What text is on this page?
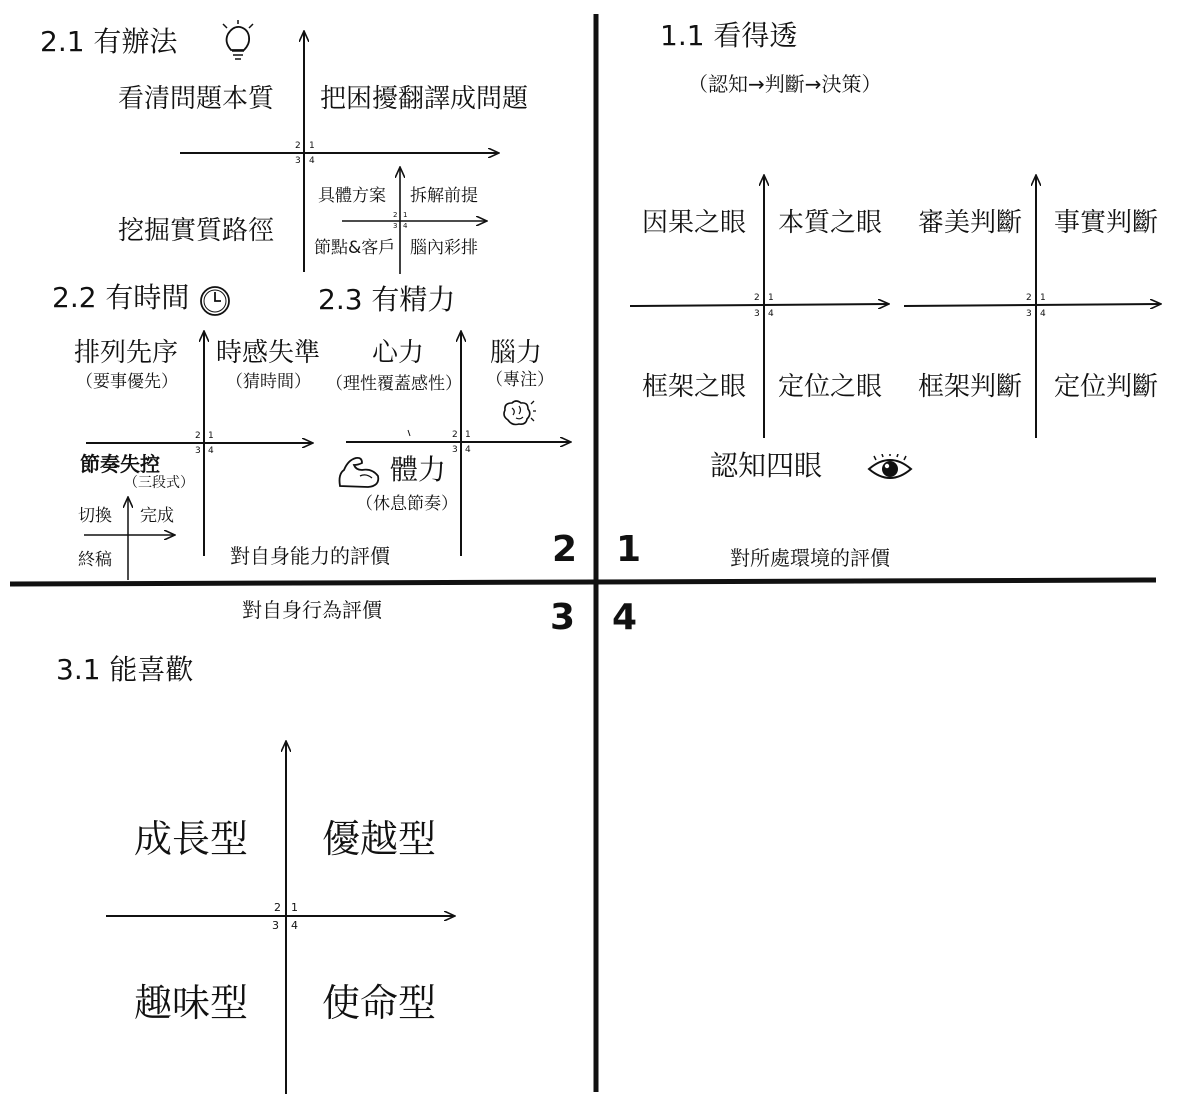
2 1
3 4
對所處環境的評價
對自身能力的評價
對自身行為評價
1.1 看得透
（認知→判斷→決策）
因果之眼 本質之眼
框架之眼 定位之眼
2 1
3 4
審美判斷 事實判斷
框架判斷 定位判斷
2 1
3 4
認知四眼
2.1 有辦法
看清問題本質 把困擾翻譯成問題
挖掘實質路徑
2 1
3 4
具體方案 拆解前提
節點&客戶 腦內彩排
2 1
3 4
2.2 有時間
排列先序
（要事優先）
時感失準
（猜時間）
節奏失控
（三段式）
2 1
3 4
切換 完成
終稿
2.3 有精力
心力
（理性覆蓋感性）
腦力
（專注）
體力
（休息節奏）
2 1
3 4
3.1 能喜歡
成長型 優越型
趣味型 使命型
2 1
3 4
